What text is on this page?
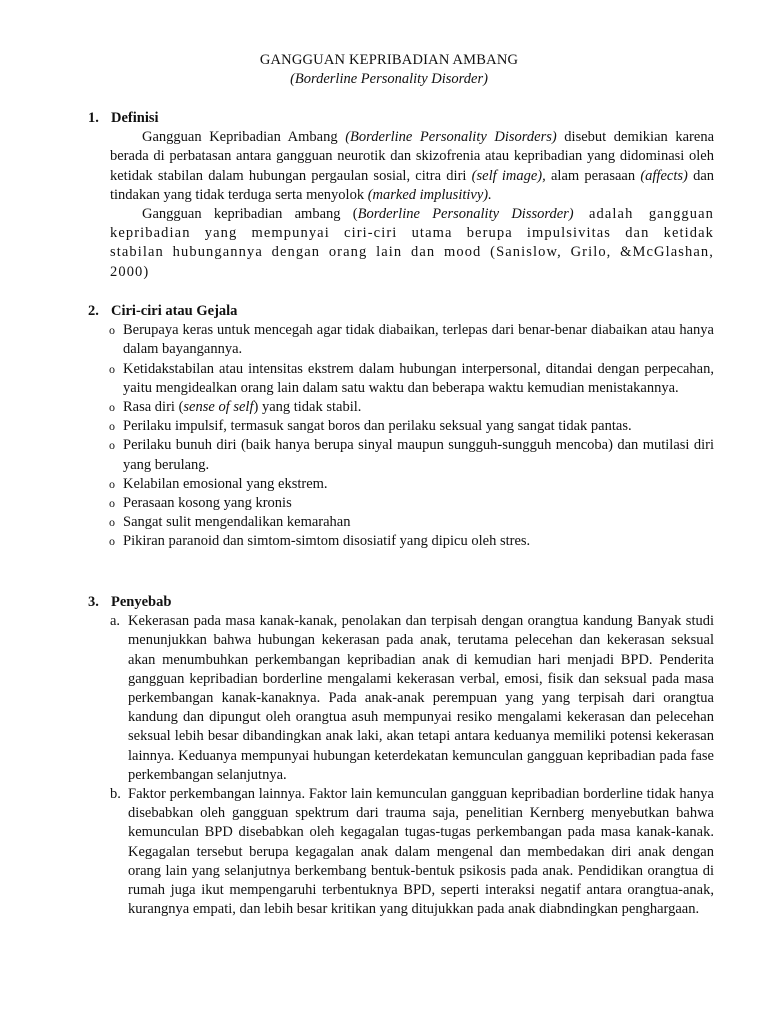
GANGGUAN KEPRIBADIAN AMBANG

(Borderline Personality Disorder)

1. Definisi

Gangguan Kepribadian Ambang (Borderline Personality Disorders) disebut demikian karena berada di perbatasan antara gangguan neurotik dan skizofrenia atau kepribadian yang didominasi oleh ketidak stabilan dalam hubungan pergaulan sosial, citra diri (self image), alam perasaan (affects) dan tindakan yang tidak terduga serta menyolok (marked implusitivy).

Gangguan kepribadian ambang (Borderline Personality Dissorder) adalah gangguan kepribadian yang mempunyai ciri-ciri utama berupa impulsivitas dan ketidak stabilan hubungannya dengan orang lain dan mood (Sanislow, Grilo, &McGlashan, 2000)

2. Ciri-ciri atau Gejala
o Berupaya keras untuk mencegah agar tidak diabaikan, terlepas dari benar-benar diabaikan atau hanya dalam bayangannya.
o Ketidakstabilan atau intensitas ekstrem dalam hubungan interpersonal, ditandai dengan perpecahan, yaitu mengidealkan orang lain dalam satu waktu dan beberapa waktu kemudian menistakannya.
o Rasa diri (sense of self) yang tidak stabil.
o Perilaku impulsif, termasuk sangat boros dan perilaku seksual yang sangat tidak pantas.
o Perilaku bunuh diri (baik hanya berupa sinyal maupun sungguh-sungguh mencoba) dan mutilasi diri yang berulang.
o Kelabilan emosional yang ekstrem.
o Perasaan kosong yang kronis
o Sangat sulit mengendalikan kemarahan
o Pikiran paranoid dan simtom-simtom disosiatif yang dipicu oleh stres.
3. Penyebab
a. Kekerasan pada masa kanak-kanak, penolakan dan terpisah dengan orangtua kandung Banyak studi menunjukkan bahwa hubungan kekerasan pada anak, terutama pelecehan dan kekerasan seksual akan menumbuhkan perkembangan kepribadian anak di kemudian hari menjadi BPD. Penderita gangguan kepribadian borderline mengalami kekerasan verbal, emosi, fisik dan seksual pada masa perkembangan kanak-kanaknya. Pada anak-anak perempuan yang yang terpisah dari orangtua kandung dan dipungut oleh orangtua asuh mempunyai resiko mengalami kekerasan dan pelecehan seksual lebih besar dibandingkan anak laki, akan tetapi antara keduanya memiliki potensi kekerasan lainnya. Keduanya mempunyai hubungan keterdekatan kemunculan gangguan kepribadian pada fase perkembangan selanjutnya.
b. Faktor perkembangan lainnya. Faktor lain kemunculan gangguan kepribadian borderline tidak hanya disebabkan oleh gangguan spektrum dari trauma saja, penelitian Kernberg menyebutkan bahwa kemunculan BPD disebabkan oleh kegagalan tugas-tugas perkembangan pada masa kanak-kanak. Kegagalan tersebut berupa kegagalan anak dalam mengenal dan membedakan diri anak dengan orang lain yang selanjutnya berkembang bentuk-bentuk psikosis pada anak. Pendidikan orangtua di rumah juga ikut mempengaruhi terbentuknya BPD, seperti interaksi negatif antara orangtua-anak, kurangnya empati, dan lebih besar kritikan yang ditujukkan pada anak diabndingkan penghargaan.
